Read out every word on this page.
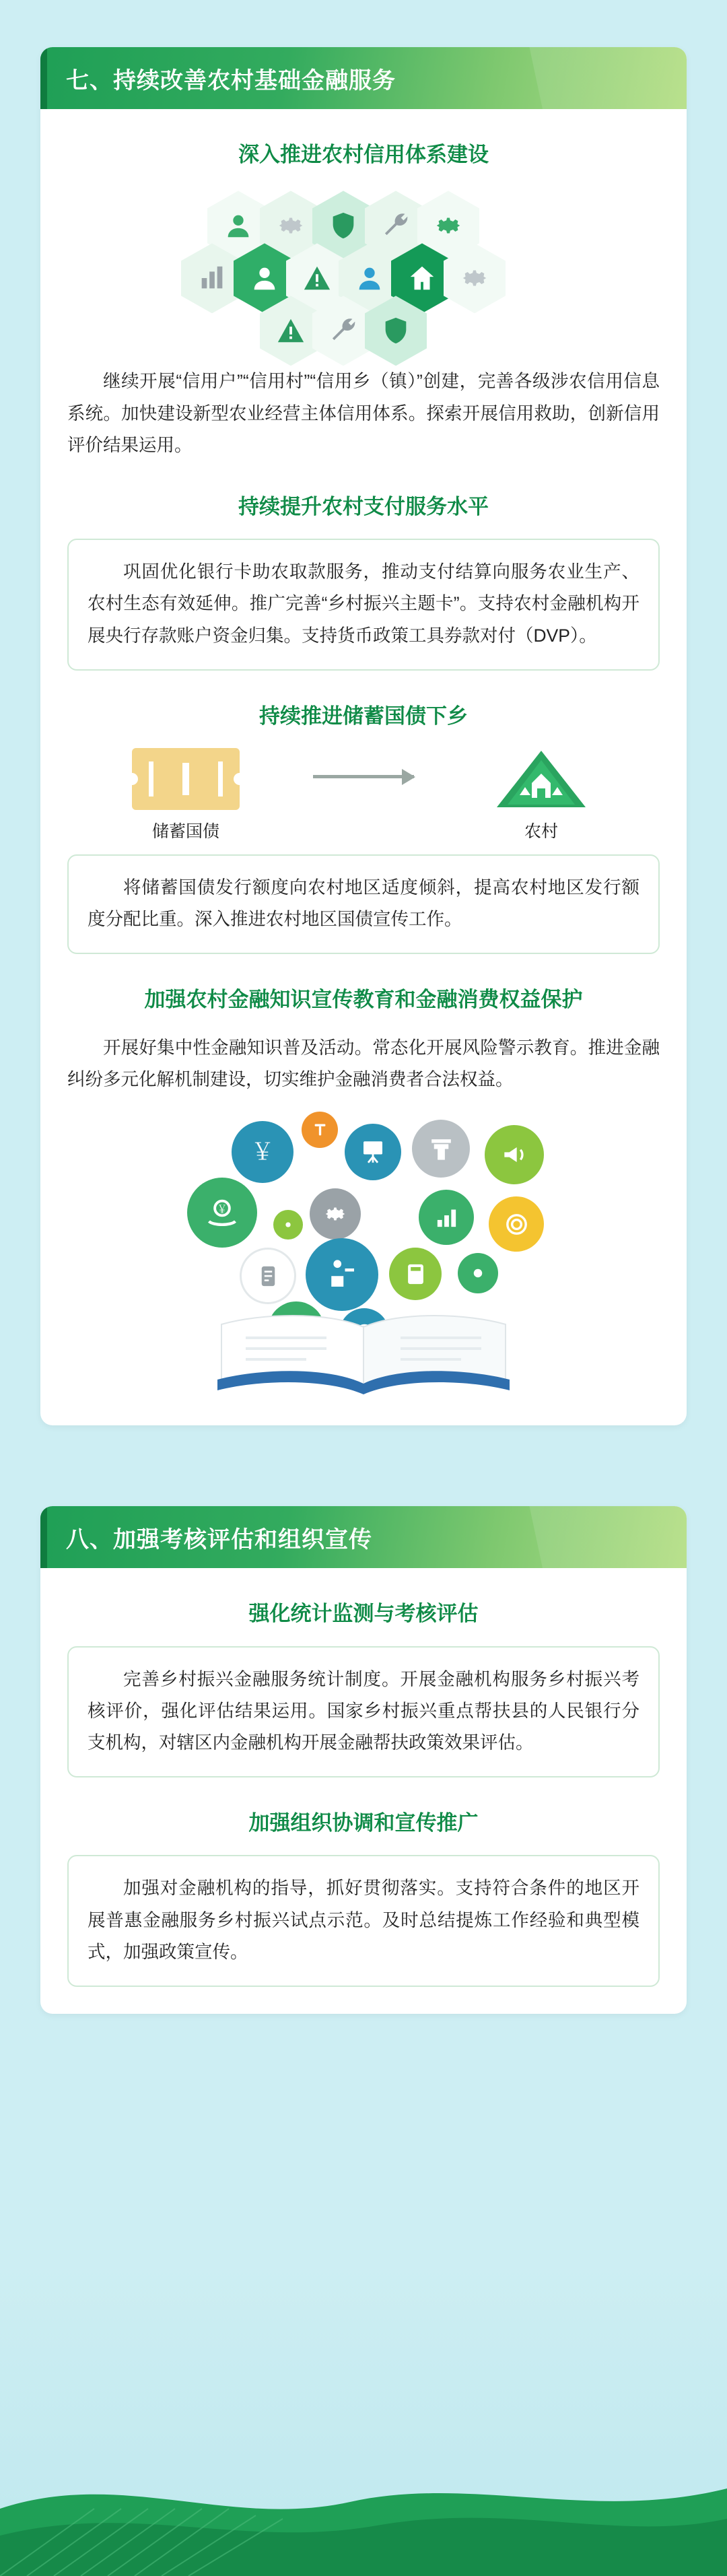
七、持续改善农村基础金融服务
深入推进农村信用体系建设

继续开展“信用户”“信用村”“信用乡（镇）”创建，完善各级涉农信用信息系统。加快建设新型农业经营主体信用体系。探索开展信用救助，创新信用评价结果运用。

持续提升农村支付服务水平

巩固优化银行卡助农取款服务，推动支付结算向服务农业生产、农村生态有效延伸。推广完善“乡村振兴主题卡”。支持农村金融机构开展央行存款账户资金归集。支持货币政策工具券款对付（DVP）。

持续推进储蓄国债下乡
储蓄国债	农村

将储蓄国债发行额度向农村地区适度倾斜，提高农村地区发行额度分配比重。深入推进农村地区国债宣传工作。

加强农村金融知识宣传教育和金融消费权益保护

开展好集中性金融知识普及活动。常态化开展风险警示教育。推进金融纠纷多元化解机制建设，切实维护金融消费者合法权益。

￥
￥
八、加强考核评估和组织宣传
强化统计监测与考核评估

完善乡村振兴金融服务统计制度。开展金融机构服务乡村振兴考核评价，强化评估结果运用。国家乡村振兴重点帮扶县的人民银行分支机构，对辖区内金融机构开展金融帮扶政策效果评估。

加强组织协调和宣传推广

加强对金融机构的指导，抓好贯彻落实。支持符合条件的地区开展普惠金融服务乡村振兴试点示范。及时总结提炼工作经验和典型模式，加强政策宣传。
